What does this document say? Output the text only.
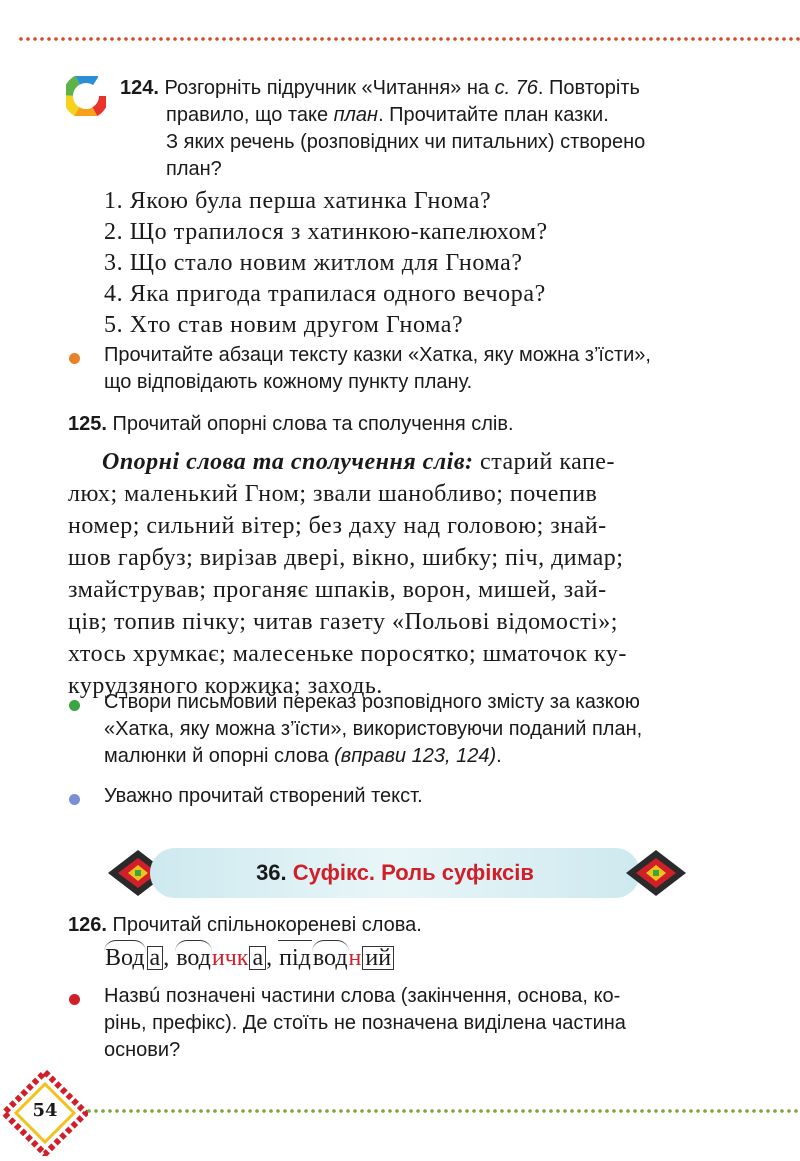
124. Розгорніть підручник «Читання» на с. 76. Повторіть
правило, що таке план. Прочитайте план казки.
З яких речень (розповідних чи питальних) створено
план?
1. Якою була перша хатинка Гнома?
2. Що трапилося з хатинкою-капелюхом?
3. Що стало новим житлом для Гнома?
4. Яка пригода трапилася одного вечора?
5. Хто став новим другом Гнома?
Прочитайте абзаци тексту казки «Хатка, яку можна з’їсти»,
що відповідають кожному пункту плану.
125. Прочитай опорні слова та сполучення слів.
Опорні слова та сполучення слів: старий капе-
люх; маленький Гном; звали шанобливо; почепив
номер; сильний вітер; без даху над головою; знай-
шов гарбуз; вирізав двері, вікно, шибку; піч, димар;
змайстрував; проганяє шпаків, ворон, мишей, зай-
ців; топив пічку; читав газету «Польові відомості»;
хтось хрумкає; малесеньке поросятко; шматочок ку-
курудзяного коржика; заходь.
Створи письмовий переказ розповідного змісту за казкою
«Хатка, яку можна з’їсти», використовуючи поданий план,
малюнки й опорні слова (вправи 123, 124).
Уважно прочитай створений текст.
36. Суфікс. Роль суфіксів
126. Прочитай спільнокореневі слова.
Вод а , водичк а , підводн ий
Назвú позначені частини слова (закінчення, основа, ко-
рінь, префікс). Де стоїть не позначена виділена частина
основи?
54
